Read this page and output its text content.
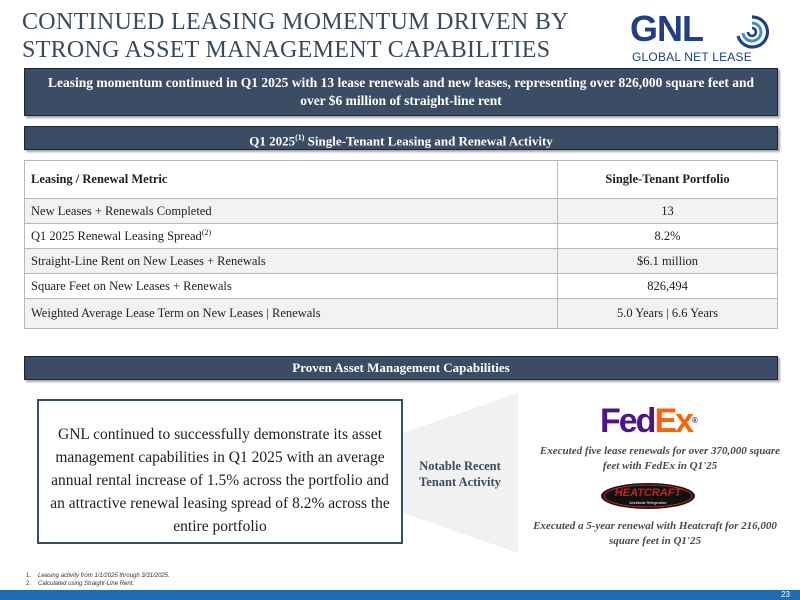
CONTINUED LEASING MOMENTUM DRIVEN BY
STRONG ASSET MANAGEMENT CAPABILITIES
GNL
GLOBAL NET LEASE
Leasing momentum continued in Q1 2025 with 13 lease renewals and new leases, representing over 826,000 square feet and over $6 million of straight-line rent
Q1 2025$^{(1)}$ Single-Tenant Leasing and Renewal Activity
Leasing / Renewal Metric	Single-Tenant Portfolio
New Leases + Renewals Completed	13
Q1 2025 Renewal Leasing Spread$^{(2)}$	8.2%
Straight-Line Rent on New Leases + Renewals	$6.1 million
Square Feet on New Leases + Renewals	826,494
Weighted Average Lease Term on New Leases | Renewals	5.0 Years | 6.6 Years
Proven Asset Management Capabilities
GNL continued to successfully demonstrate its asset management capabilities in Q1 2025 with an average annual rental increase of 1.5% across the portfolio and an attractive renewal leasing spread of 8.2% across the entire portfolio
Notable Recent
Tenant Activity
FedEx®
Executed five lease renewals for over 370,000 square feet with FedEx in Q1'25
HEATCRAFT
Worldwide Refrigeration
Executed a 5-year renewal with Heatcraft for 216,000 square feet in Q1'25
1. Leasing activity from 1/1/2025 through 3/31/2025.
2. Calculated using Straight-Line Rent.
23
